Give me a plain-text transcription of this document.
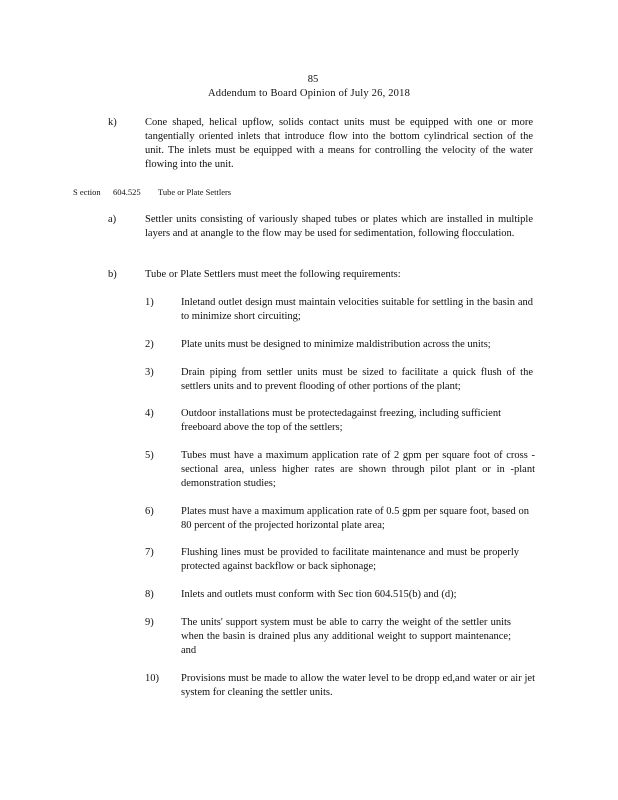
85
Addendum to Board Opinion of July 26, 2018
k)	Cone shaped, helical upflow, solids contact units must be equipped with one or more tangentially oriented inlets that introduce flow into the bottom cylindrical section of the unit. The inlets must be equipped with a means for controlling the velocity of the water flowing into the unit.
S ection 604.525 Tube or Plate Settlers
a)	Settler units consisting of variously shaped tubes or plates which are installed in multiple layers and at anangle to the flow may be used for sedimentation, following flocculation.
b)	Tube or Plate Settlers must meet the following requirements:
1)	Inletand outlet design must maintain velocities suitable for settling in the basin and to minimize short circuiting;
2)	Plate units must be designed to minimize maldistribution across the units;
3)	Drain piping from settler units must be sized to facilitate a quick flush of the settlers units and to prevent flooding of other portions of the plant;
4)	Outdoor installations must be protectedagainst freezing, including sufficient freeboard above the top of the settlers;
5)	Tubes must have a maximum application rate of 2 gpm per square foot of cross -sectional area, unless higher rates are shown through pilot plant or in -plant demonstration studies;
6)	Plates must have a maximum application rate of 0.5 gpm per square foot, based on 80 percent of the projected horizontal plate area;
7)	Flushing lines must be provided to facilitate maintenance and must be properly protected against backflow or back siphonage;
8)	Inlets and outlets must conform with Sec tion 604.515(b) and (d);
9)	The units' support system must be able to carry the weight of the settler units when the basin is drained plus any additional weight to support maintenance; and
10) Provisions must be made to allow the water level to be dropp ed,and water or air jet system for cleaning the settler units.
